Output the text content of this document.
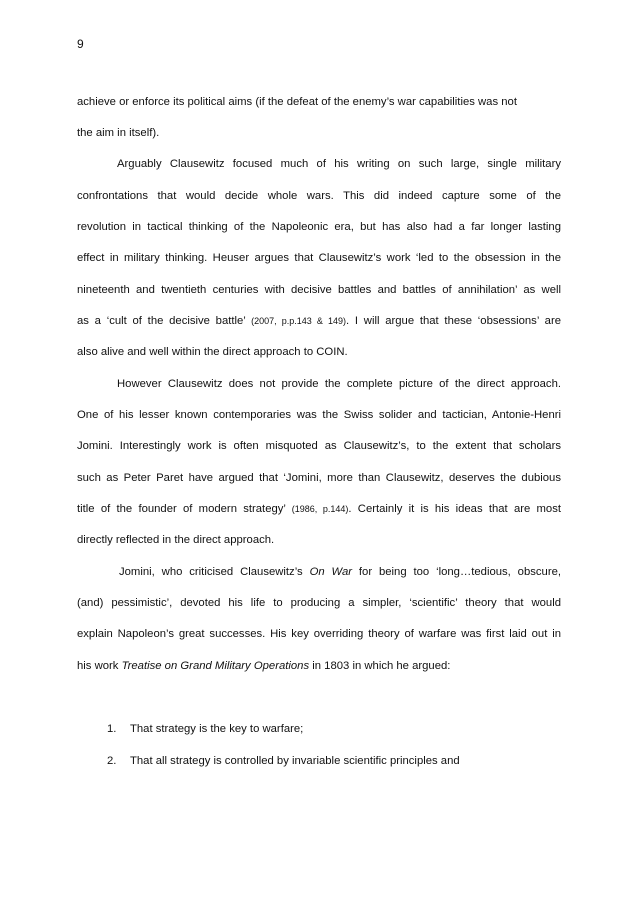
9
achieve or enforce its political aims (if the defeat of the enemy’s war capabilities was not
the aim in itself).
Arguably Clausewitz focused much of his writing on such large, single military
confrontations that would decide whole wars. This did indeed capture some of the
revolution in tactical thinking of the Napoleonic era, but has also had a far longer lasting
effect in military thinking. Heuser argues that Clausewitz’s work ‘led to the obsession in the
nineteenth and twentieth centuries with decisive battles and battles of annihilation’ as well
as a ‘cult of the decisive battle’ (2007, p.p.143 & 149). I will argue that these ‘obsessions’ are
also alive and well within the direct approach to COIN.
However Clausewitz does not provide the complete picture of the direct approach.
One of his lesser known contemporaries was the Swiss solider and tactician, Antonie-Henri
Jomini. Interestingly work is often misquoted as Clausewitz’s, to the extent that scholars
such as Peter Paret have argued that ‘Jomini, more than Clausewitz, deserves the dubious
title of the founder of modern strategy’ (1986, p.144). Certainly it is his ideas that are most
directly reflected in the direct approach.
Jomini, who criticised Clausewitz’s On War for being too ‘long…tedious, obscure,
(and) pessimistic’, devoted his life to producing a simpler, ‘scientific’ theory that would
explain Napoleon’s great successes. His key overriding theory of warfare was first laid out in
his work Treatise on Grand Military Operations in 1803 in which he argued:
1. That strategy is the key to warfare;
2. That all strategy is controlled by invariable scientific principles and
